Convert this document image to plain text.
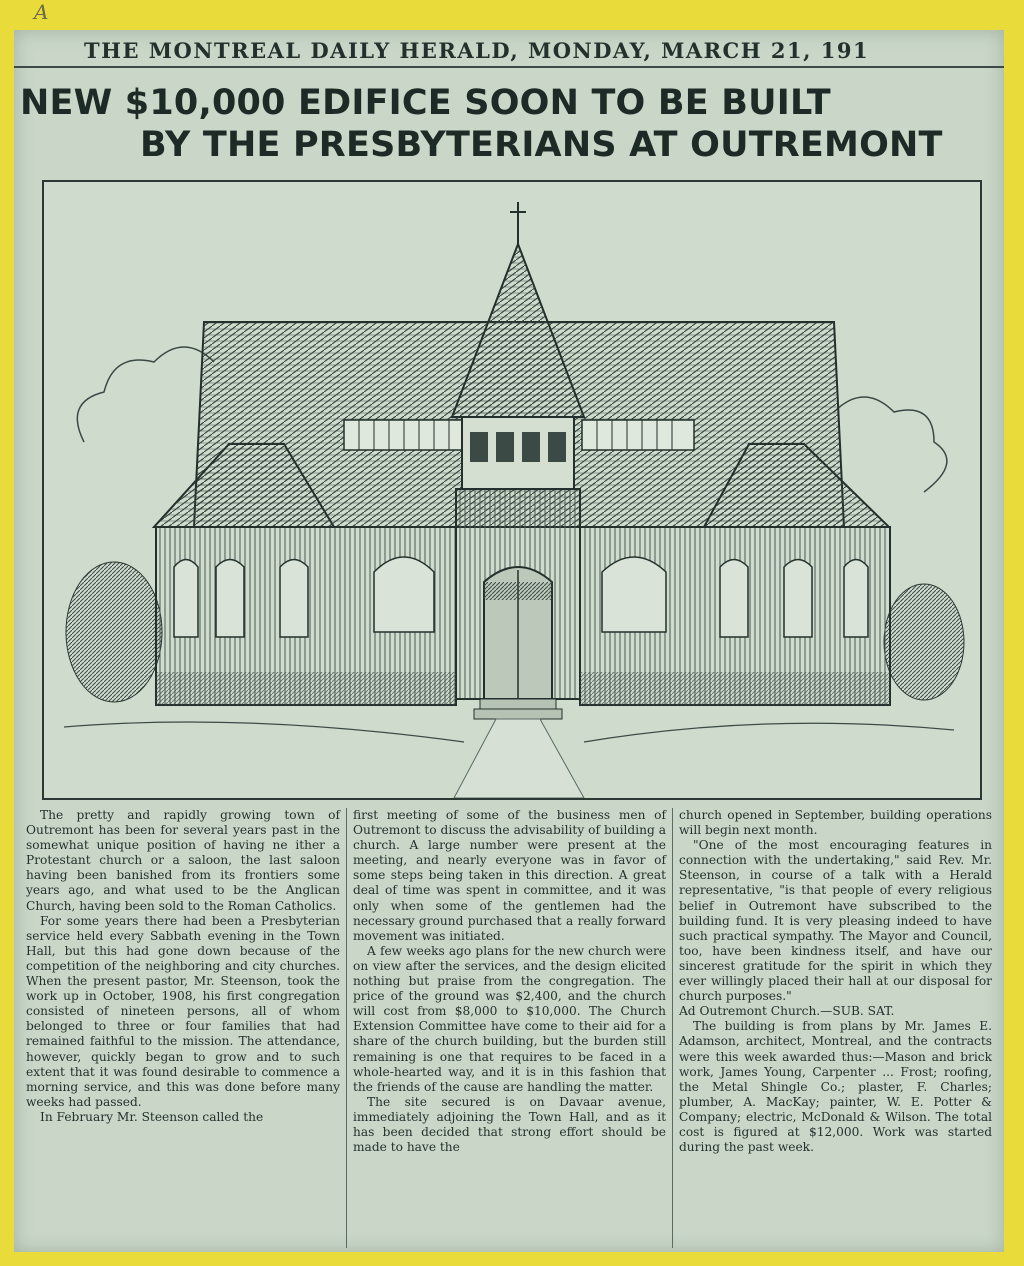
A
THE MONTREAL DAILY HERALD, MONDAY, MARCH 21, 191
NEW $10,000 EDIFICE SOON TO BE BUILT
BY THE PRESBYTERIANS AT OUTREMONT

The pretty and rapidly growing town of Outremont has been for several years past in the somewhat unique position of having ne ither a Protestant church or a saloon, the last saloon having been banished from its frontiers some years ago, and what used to be the Anglican Church, having been sold to the Roman Catholics.

For some years there had been a Presbyterian service held every Sabbath evening in the Town Hall, but this had gone down because of the competition of the neighboring and city churches. When the present pastor, Mr. Steenson, took the work up in October, 1908, his first congregation consisted of nineteen persons, all of whom belonged to three or four families that had remained faithful to the mission. The attendance, however, quickly began to grow and to such extent that it was found desirable to commence a morning service, and this was done before many weeks had passed.

In February Mr. Steenson called the

first meeting of some of the business men of Outremont to discuss the advisability of building a church. A large number were present at the meeting, and nearly everyone was in favor of some steps being taken in this direction. A great deal of time was spent in committee, and it was only when some of the gentlemen had the necessary ground purchased that a really forward movement was initiated.

A few weeks ago plans for the new church were on view after the services, and the design elicited nothing but praise from the congregation. The price of the ground was $2,400, and the church will cost from $8,000 to $10,000. The Church Extension Committee have come to their aid for a share of the church building, but the burden still remaining is one that requires to be faced in a whole-hearted way, and it is in this fashion that the friends of the cause are handling the matter.

The site secured is on Davaar avenue, immediately adjoining the Town Hall, and as it has been decided that strong effort should be made to have the

church opened in September, building operations will begin next month.

"One of the most encouraging features in connection with the undertaking," said Rev. Mr. Steenson, in course of a talk with a Herald representative, "is that people of every religious belief in Outremont have subscribed to the building fund. It is very pleasing indeed to have such practical sympathy. The Mayor and Council, too, have been kindness itself, and have our sincerest gratitude for the spirit in which they ever willingly placed their hall at our disposal for church purposes."

Ad Outremont Church.—SUB. SAT.

The building is from plans by Mr. James E. Adamson, architect, Montreal, and the contracts were this week awarded thus:—Mason and brick work, James Young, Carpenter ... Frost; roofing, the Metal Shingle Co.; plaster, F. Charles; plumber, A. MacKay; painter, W. E. Potter & Company; electric, McDonald & Wilson. The total cost is figured at $12,000. Work was started during the past week.
